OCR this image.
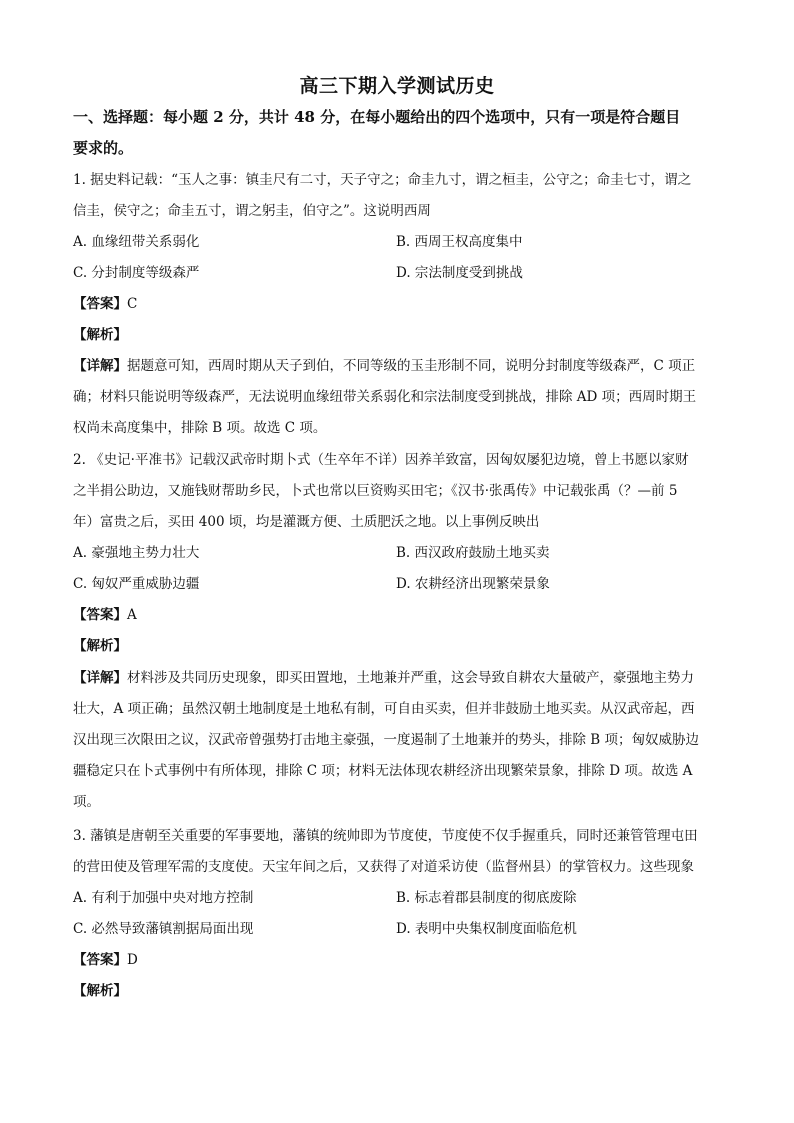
高三下期入学测试历史
一、选择题：每小题 2 分，共计 48 分，在每小题给出的四个选项中，只有一项是符合题目
要求的。
1. 据史料记载：“玉人之事：镇圭尺有二寸，天子守之；命圭九寸，谓之桓圭，公守之；命圭七寸，谓之
信圭，侯守之；命圭五寸，谓之躬圭，伯守之”。这说明西周
A. 血缘纽带关系弱化	B. 西周王权高度集中
C. 分封制度等级森严	D. 宗法制度受到挑战
【答案】C
【解析】
【详解】据题意可知，西周时期从天子到伯，不同等级的玉圭形制不同，说明分封制度等级森严，C 项正
确；材料只能说明等级森严，无法说明血缘纽带关系弱化和宗法制度受到挑战，排除 AD 项；西周时期王
权尚未高度集中，排除 B 项。故选 C 项。
2. 《史记·平准书》记载汉武帝时期卜式（生卒年不详）因养羊致富，因匈奴屡犯边境，曾上书愿以家财
之半捐公助边，又施钱财帮助乡民，卜式也常以巨资购买田宅；《汉书·张禹传》中记载张禹（？—前 5
年）富贵之后，买田 400 顷，均是灌溉方便、土质肥沃之地。以上事例反映出
A. 豪强地主势力壮大	B. 西汉政府鼓励土地买卖
C. 匈奴严重威胁边疆	D. 农耕经济出现繁荣景象
【答案】A
【解析】
【详解】材料涉及共同历史现象，即买田置地，土地兼并严重，这会导致自耕农大量破产，豪强地主势力
壮大，A 项正确；虽然汉朝土地制度是土地私有制，可自由买卖，但并非鼓励土地买卖。从汉武帝起，西
汉出现三次限田之议，汉武帝曾强势打击地主豪强，一度遏制了土地兼并的势头，排除 B 项；匈奴威胁边
疆稳定只在卜式事例中有所体现，排除 C 项；材料无法体现农耕经济出现繁荣景象，排除 D 项。故选 A
项。
3. 藩镇是唐朝至关重要的军事要地，藩镇的统帅即为节度使，节度使不仅手握重兵，同时还兼管管理屯田
的营田使及管理军需的支度使。天宝年间之后，又获得了对道采访使（监督州县）的掌管权力。这些现象
A. 有利于加强中央对地方控制	B. 标志着郡县制度的彻底废除
C. 必然导致藩镇割据局面出现	D. 表明中央集权制度面临危机
【答案】D
【解析】
